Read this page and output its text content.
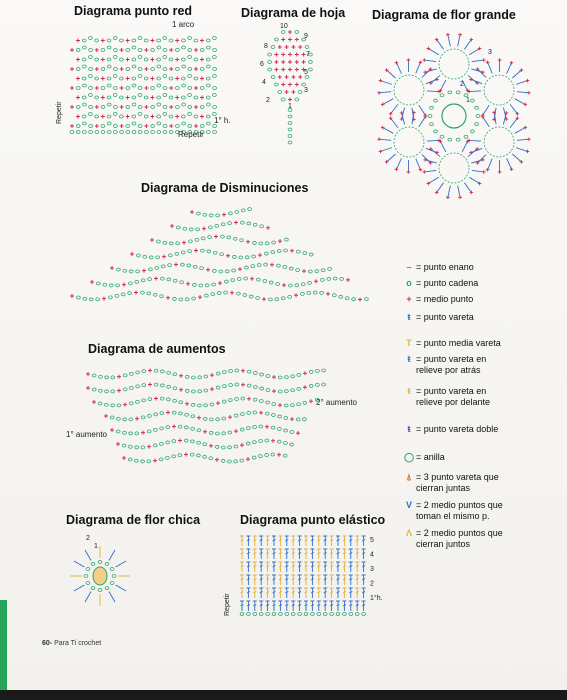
Diagrama punto red
1 arco
Repetir	1° h.
Repetir
Diagrama de hoja
10
9
8
7
6
5
4
3
2
1
Diagrama de flor grande
3
2
1
Diagrama de Disminuciones
Diagrama de aumentos
1° aumento
2° aumento
– = punto enano
o = punto cadena
+ = medio punto
ŧ = punto vareta
T = punto media vareta
ŧ = punto vareta en
relieve por atrás
ŧ = punto vareta en
relieve por delante
ŧ = punto vareta doble
◯ = anilla
⍋ = 3 punto vareta que
cierran juntas
V = 2 medio puntos que
toman el mismo p.
Λ = 2 medio puntos que
cierran juntos
Diagrama de flor chica
2
1
Diagrama punto elástico
5
4
3
2
1°h.
Repetir
60- Para Ti crochet
